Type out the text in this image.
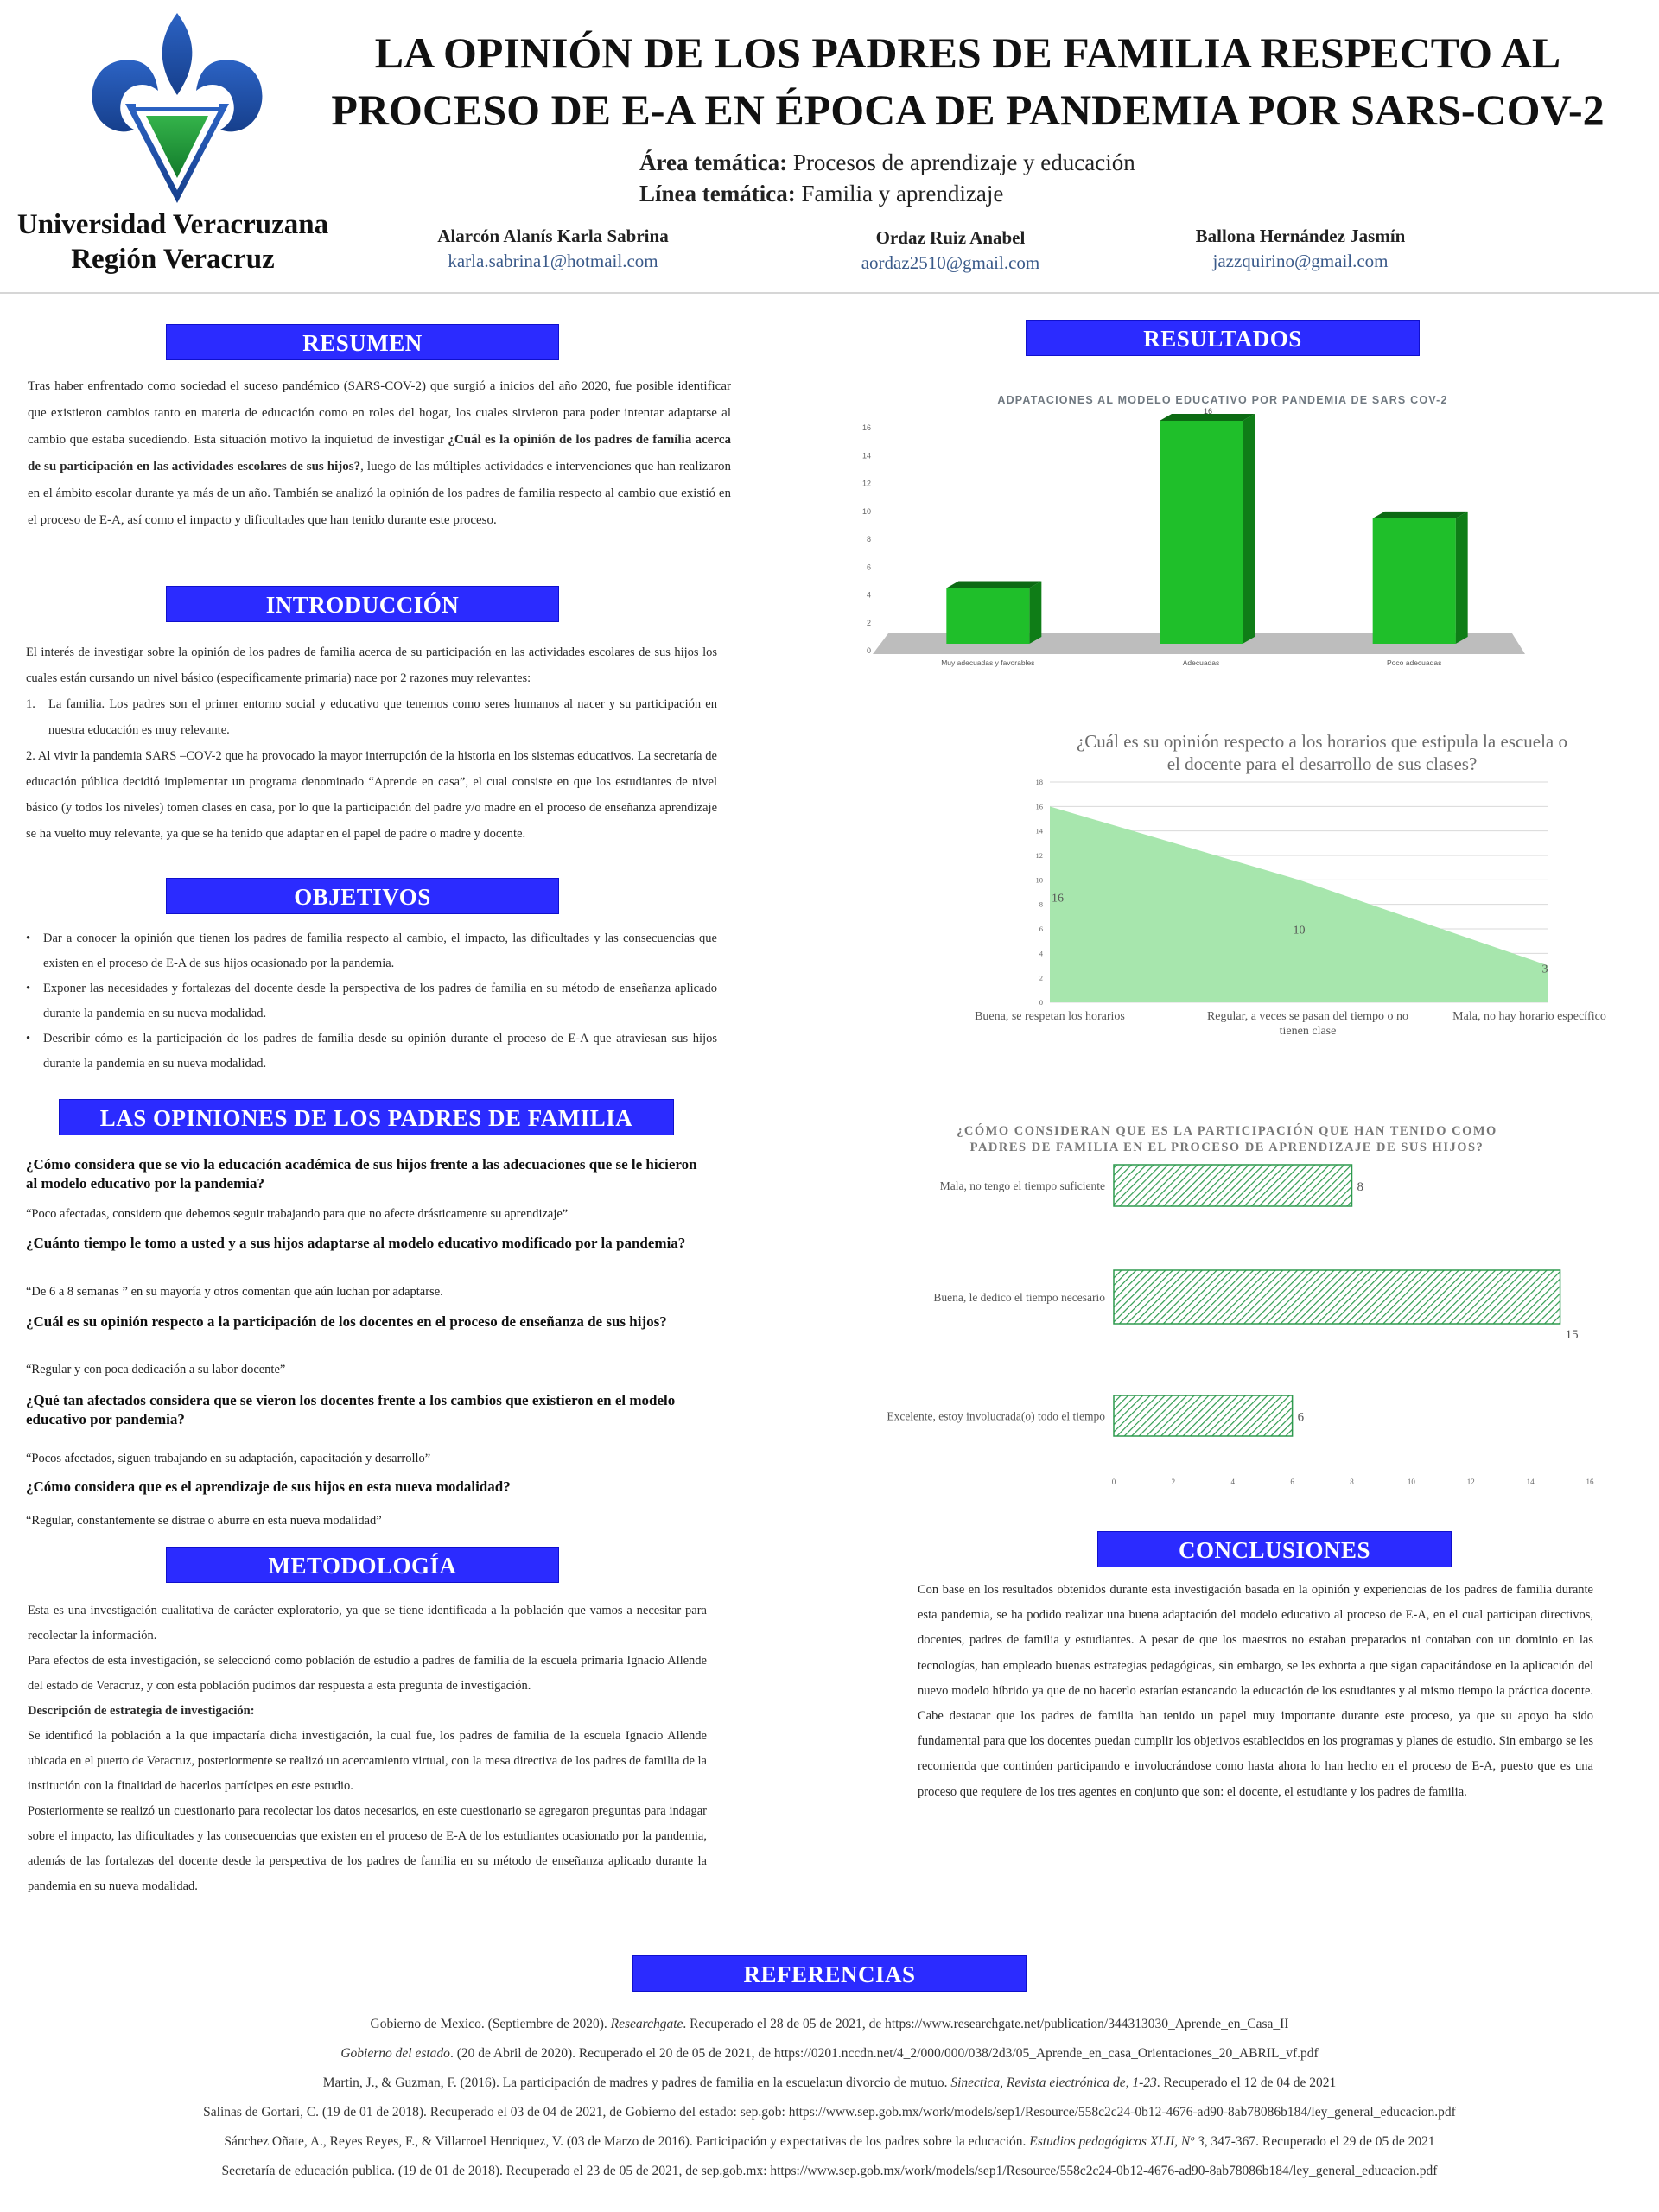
Universidad Veracruzana
Región Veracruz
LA OPINIÓN DE LOS PADRES DE FAMILIA RESPECTO AL
PROCESO DE E-A EN ÉPOCA DE PANDEMIA POR SARS-COV-2
Área temática: Procesos de aprendizaje y educación
Línea temática: Familia y aprendizaje
Alarcón Alanís Karla Sabrina
karla.sabrina1@hotmail.com
Ordaz Ruiz Anabel
aordaz2510@gmail.com
Ballona Hernández Jasmín
jazzquirino@gmail.com
RESUMEN
Tras haber enfrentado como sociedad el suceso pandémico (SARS-COV-2) que surgió a inicios del año 2020, fue posible identificar que existieron cambios tanto en materia de educación como en roles del hogar, los cuales sirvieron para poder intentar adaptarse al cambio que estaba sucediendo. Esta situación motivo la inquietud de investigar ¿Cuál es la opinión de los padres de familia acerca de su participación en las actividades escolares de sus hijos?, luego de las múltiples actividades e intervenciones que han realizaron en el ámbito escolar durante ya más de un año. También se analizó la opinión de los padres de familia respecto al cambio que existió en el proceso de E-A, así como el impacto y dificultades que han tenido durante este proceso.
INTRODUCCIÓN
El interés de investigar sobre la opinión de los padres de familia acerca de su participación en las actividades escolares de sus hijos los cuales están cursando un nivel básico (específicamente primaria) nace por 2 razones muy relevantes:
1.	La familia. Los padres son el primer entorno social y educativo que tenemos como seres humanos al nacer y su participación en nuestra educación es muy relevante.
2. Al vivir la pandemia SARS –COV-2 que ha provocado la mayor interrupción de la historia en los sistemas educativos. La secretaría de educación pública decidió implementar un programa denominado “Aprende en casa”, el cual consiste en que los estudiantes de nivel básico (y todos los niveles) tomen clases en casa, por lo que la participación del padre y/o madre en el proceso de enseñanza aprendizaje se ha vuelto muy relevante, ya que se ha tenido que adaptar en el papel de padre o madre y docente.
OBJETIVOS
• Dar a conocer la opinión que tienen los padres de familia respecto al cambio, el impacto, las dificultades y las consecuencias que existen en el proceso de E-A de sus hijos ocasionado por la pandemia.
• Exponer las necesidades y fortalezas del docente desde la perspectiva de los padres de familia en su método de enseñanza aplicado durante la pandemia en su nueva modalidad.
• Describir cómo es la participación de los padres de familia desde su opinión durante el proceso de E-A que atraviesan sus hijos durante la pandemia en su nueva modalidad.
LAS OPINIONES DE LOS PADRES DE FAMILIA
¿Cómo considera que se vio la educación académica de sus hijos frente a las adecuaciones que se le hicieron al modelo educativo por la pandemia?
“Poco afectadas, considero que debemos seguir trabajando para que no afecte drásticamente su aprendizaje”
¿Cuánto tiempo le tomo a usted y a sus hijos adaptarse al modelo educativo modificado por la pandemia?
“De 6 a 8 semanas ” en su mayoría y otros comentan que aún luchan por adaptarse.
¿Cuál es su opinión respecto a la participación de los docentes en el proceso de enseñanza de sus hijos?
“Regular y con poca dedicación a su labor docente”
¿Qué tan afectados considera que se vieron los docentes frente a los cambios que existieron en el modelo educativo por pandemia?
“Pocos afectados, siguen trabajando en su adaptación, capacitación y desarrollo”
¿Cómo considera que es el aprendizaje de sus hijos en esta nueva modalidad?
“Regular, constantemente se distrae o aburre en esta nueva modalidad”
METODOLOGÍA
Esta es una investigación cualitativa de carácter exploratorio, ya que se tiene identificada a la población que vamos a necesitar para recolectar la información.
Para efectos de esta investigación, se seleccionó como población de estudio a padres de familia de la escuela primaria Ignacio Allende del estado de Veracruz, y con esta población pudimos dar respuesta a esta pregunta de investigación.
Descripción de estrategia de investigación:
Se identificó la población a la que impactaría dicha investigación, la cual fue, los padres de familia de la escuela Ignacio Allende ubicada en el puerto de Veracruz, posteriormente se realizó un acercamiento virtual, con la mesa directiva de los padres de familia de la institución con la finalidad de hacerlos partícipes en este estudio.
Posteriormente se realizó un cuestionario para recolectar los datos necesarios, en este cuestionario se agregaron preguntas para indagar sobre el impacto, las dificultades y las consecuencias que existen en el proceso de E-A de los estudiantes ocasionado por la pandemia, además de las fortalezas del docente desde la perspectiva de los padres de familia en su método de enseñanza aplicado durante la pandemia en su nueva modalidad.
RESULTADOS
ADPATACIONES AL MODELO EDUCATIVO POR PANDEMIA DE SARS COV-2
0
2
4
6
8
10
12
14
16
Muy adecuadas y favorables
16
Adecuadas	Poco adecuadas
¿Cuál es su opinión respecto a los horarios que estipula la escuela o
el docente para el desarrollo de sus clases?
0
2
4
6
8
10
12
14
16
18
16
10
3
Buena, se respetan los horarios	Regular, a veces se pasan del tiempo o no
tienen clase
Mala, no hay horario específico
¿CÓMO CONSIDERAN QUE ES LA PARTICIPACIÓN QUE HAN TENIDO COMO
PADRES DE FAMILIA EN EL PROCESO DE APRENDIZAJE DE SUS HIJOS?
Mala, no tengo el tiempo suficiente	8
Buena, le dedico el tiempo necesario
15
Excelente, estoy involucrada(o) todo el tiempo	6
0	2	4	6	8	10	12	14	16
CONCLUSIONES
Con base en los resultados obtenidos durante esta investigación basada en la opinión y experiencias de los padres de familia durante esta pandemia, se ha podido realizar una buena adaptación del modelo educativo al proceso de E-A, en el cual participan directivos, docentes, padres de familia y estudiantes. A pesar de que los maestros no estaban preparados ni contaban con un dominio en las tecnologías, han empleado buenas estrategias pedagógicas, sin embargo, se les exhorta a que sigan capacitándose en la aplicación del nuevo modelo híbrido ya que de no hacerlo estarían estancando la educación de los estudiantes y al mismo tiempo la práctica docente. Cabe destacar que los padres de familia han tenido un papel muy importante durante este proceso, ya que su apoyo ha sido fundamental para que los docentes puedan cumplir los objetivos establecidos en los programas y planes de estudio. Sin embargo se les recomienda que continúen participando e involucrándose como hasta ahora lo han hecho en el proceso de E-A, puesto que es una proceso que requiere de los tres agentes en conjunto que son: el docente, el estudiante y los padres de familia.
REFERENCIAS
Gobierno de Mexico. (Septiembre de 2020). Researchgate. Recuperado el 28 de 05 de 2021, de https://www.researchgate.net/publication/344313030_Aprende_en_Casa_II
Gobierno del estado. (20 de Abril de 2020). Recuperado el 20 de 05 de 2021, de https://0201.nccdn.net/4_2/000/000/038/2d3/05_Aprende_en_casa_Orientaciones_20_ABRIL_vf.pdf
Martin, J., & Guzman, F. (2016). La participación de madres y padres de familia en la escuela:un divorcio de mutuo. Sinectica, Revista electrónica de, 1-23. Recuperado el 12 de 04 de 2021
Salinas de Gortari, C. (19 de 01 de 2018). Recuperado el 03 de 04 de 2021, de Gobierno del estado: sep.gob: https://www.sep.gob.mx/work/models/sep1/Resource/558c2c24-0b12-4676-ad90-8ab78086b184/ley_general_educacion.pdf
Sánchez Oñate, A., Reyes Reyes, F., & Villarroel Henriquez, V. (03 de Marzo de 2016). Participación y expectativas de los padres sobre la educación. Estudios pedagógicos XLII, Nº 3, 347-367. Recuperado el 29 de 05 de 2021
Secretaría de educación publica. (19 de 01 de 2018). Recuperado el 23 de 05 de 2021, de sep.gob.mx: https://www.sep.gob.mx/work/models/sep1/Resource/558c2c24-0b12-4676-ad90-8ab78086b184/ley_general_educacion.pdf
